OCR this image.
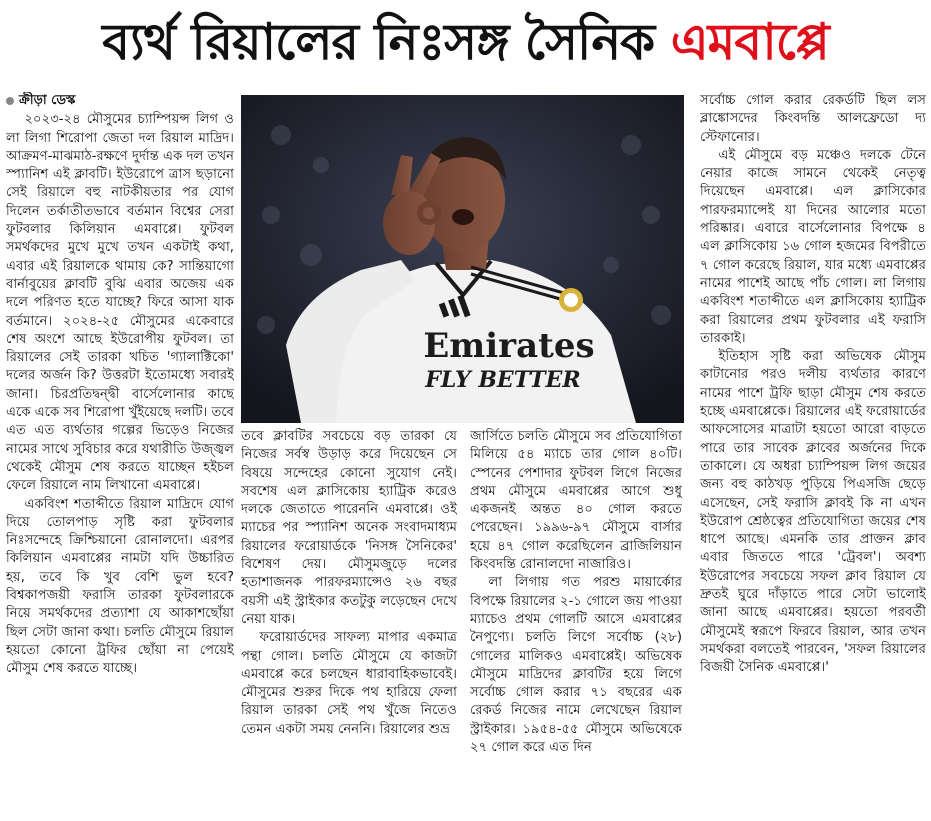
ব্যর্থ রিয়ালের নিঃসঙ্গ সৈনিক এমবাপ্পে
Emirates
FLY BETTER
ক্রীড়া ডেস্ক

২০২৩-২৪ মৌসুমের চ্যাম্পিয়ন্স লিগ ও লা লিগা শিরোপা জেতা দল রিয়াল মাদ্রিদ। আক্রমণ-মাঝমাঠ-রক্ষণে দুর্দান্ত এক দল তখন স্প্যানিশ এই ক্লাবটি। ইউরোপে ত্রাস ছড়ানো সেই রিয়ালে বহু নাটকীয়তার পর যোগ দিলেন তর্কাতীতভাবে বর্তমান বিশ্বের সেরা ফুটবলার কিলিয়ান এমবাপ্পে। ফুটবল সমর্থকদের মুখে মুখে তখন একটাই কথা, এবার এই রিয়ালকে থামায় কে? সান্তিয়াগো বার্নাবুয়ের ক্লাবটি বুঝি এবার অজেয় এক দলে পরিণত হতে যাচ্ছে? ফিরে আসা যাক বর্তমানে। ২০২৪-২৫ মৌসুমের একেবারে শেষ অংশে আছে ইউরোপীয় ফুটবল। তা রিয়ালের সেই তারকা খচিত 'গ্যালাক্টিকো' দলের অর্জন কি? উত্তরটা ইতোমধ্যে সবারই জানা। চিরপ্রতিদ্বন্দ্বী বার্সেলোনার কাছে একে একে সব শিরোপা খুঁইয়েছে দলটি। তবে এত এত ব্যর্থতার গল্পের ভিড়েও নিজের নামের সাথে সুবিচার করে যথারীতি উজ্জ্বল থেকেই মৌসুম শেষ করতে যাচ্ছেন হইচল ফেলে রিয়ালে নাম লিখানো এমবাপ্পে।

একবিংশ শতাব্দীতে রিয়াল মাদ্রিদে যোগ দিয়ে তোলপাড় সৃষ্টি করা ফুটবলার নিঃসন্দেহে ক্রিশ্চিয়ানো রোনালদো। এরপর কিলিয়ান এমবাপ্পের নামটা যদি উচ্চারিত হয়, তবে কি খুব বেশি ভুল হবে? বিশ্বকাপজয়ী ফরাসি তারকা ফুটবলারকে নিয়ে সমর্থকদের প্রত্যাশা যে আকাশছোঁয়া ছিল সেটা জানা কথা। চলতি মৌসুমে রিয়াল হয়তো কোনো ট্রফির ছোঁয়া না পেয়েই মৌসুম শেষ করতে যাচ্ছে।

তবে ক্লাবটির সবচেয়ে বড় তারকা যে নিজের সর্বস্ব উড়াড় করে দিয়েছেন সে বিষয়ে সন্দেহের কোনো সুযোগ নেই। সবশেষ এল ক্লাসিকোয় হ্যাট্রিক করেও দলকে জেতাতে পারেননি এমবাপ্পে। ওই ম্যাচের পর স্প্যানিশ অনেক সংবাদমাধ্যম রিয়ালের ফরোয়ার্ডকে 'নিসঙ্গ সৈনিকের' বিশেষণ দেয়। মৌসুমজুড়ে দলের হতাশাজনক পারফরম্যান্সেও ২৬ বছর বয়সী এই স্ট্রাইকার কতটুকু লড়েছেন দেখে নেয়া যাক।

ফরোয়ার্ডদের সাফল্য মাপার একমাত্র পন্থা গোল। চলতি মৌসুমে যে কাজটা এমবাপ্পে করে চলছেন ধারাবাহিকভাবেই। মৌসুমের শুরুর দিকে পথ হারিয়ে ফেলা রিয়াল তারকা সেই পথ খুঁজে নিতেও তেমন একটা সময় নেননি। রিয়ালের শুভ্র

জার্সিতে চলতি মৌসুমে সব প্রতিযোগিতা মিলিয়ে ৫৪ ম্যাচে তার গোল ৪০টি। স্পেনের পেশাদার ফুটবল লিগে নিজের প্রথম মৌসুমে এমবাপ্পের আগে শুধু একজনই অন্তত ৪০ গোল করতে পেরেছেন। ১৯৯৬-৯৭ মৌসুমে বার্সার হয়ে ৪৭ গোল করেছিলেন ব্রাজিলিয়ান কিংবদন্তি রোনালদো নাজারিও।

লা লিগায় গত পরশু মায়ার্কোর বিপক্ষে রিয়ালের ২-১ গোলে জয় পাওয়া ম্যাচেও প্রথম গোলটি আসে এমবাপ্পের নৈপুণ্যে। চলতি লিগে সর্বোচ্চ (২৮) গোলের মালিকও এমবাপ্পেই। অভিষেক মৌসুমে মাদ্রিদের ক্লাবটির হয়ে লিগে সর্বোচ্চ গোল করার ৭১ বছরের এক রেকর্ড নিজের নামে লেখেছেন রিয়াল স্ট্রাইকার। ১৯৫৪-৫৫ মৌসুমে অভিষেকে ২৭ গোল করে এত দিন

সর্বোচ্চ গোল করার রেকর্ডটি ছিল লস ব্লাঙ্কোসদের কিংবদন্তি আলফ্রেডো দ্য স্টেফানোর।

এই মৌসুমে বড় মঞ্চেও দলকে টেনে নেয়ার কাজে সামনে থেকেই নেতৃত্ব দিয়েছেন এমবাপ্পে। এল ক্লাসিকোর পারফরম্যান্সেই যা দিনের আলোর মতো পরিষ্কার। এবারে বার্সেলোনার বিপক্ষে ৪ এল ক্লাসিকোয় ১৬ গোল হজমের বিপরীতে ৭ গোল করেছে রিয়াল, যার মধ্যে এমবাপ্পের নামের পাশেই আছে পাঁচ গোল। লা লিগায় একবিংশ শতাব্দীতে এল ক্লাসিকোয় হ্যাট্রিক করা রিয়ালের প্রথম ফুটবলার এই ফরাসি তারকাই।

ইতিহাস সৃষ্টি করা অভিষেক মৌসুম কাটানোর পরও দলীয় ব্যর্থতার কারণে নামের পাশে ট্রফি ছাড়া মৌসুম শেষ করতে হচ্ছে এমবাপ্পেকে। রিয়ালের এই ফরোয়ার্ডের আফসোসের মাত্রাটা হয়তো আরো বাড়তে পারে তার সাবেক ক্লাবের অর্জনের দিকে তাকালে। যে অধরা চ্যাম্পিয়ন্স লিগ জয়ের জন্য বহু কাঠখড় পুড়িয়ে পিএসজি ছেড়ে এসেছেন, সেই ফরাসি ক্লাবই কি না এখন ইউরোপ শ্রেষ্ঠত্বের প্রতিযোগিতা জয়ের শেষ ধাপে আছে। এমনকি তার প্রাক্তন ক্লাব এবার জিততে পারে 'ট্রেবল'। অবশ্য ইউরোপের সবচেয়ে সফল ক্লাব রিয়াল যে দ্রুতই ঘুরে দাঁড়াতে পারে সেটা ভালোই জানা আছে এমবাপ্পের। হয়তো পরবর্তী মৌসুমেই স্বরূপে ফিরবে রিয়াল, আর তখন সমর্থকরা বলতেই পারবেন, 'সফল রিয়ালের বিজয়ী সৈনিক এমবাপ্পে।'
